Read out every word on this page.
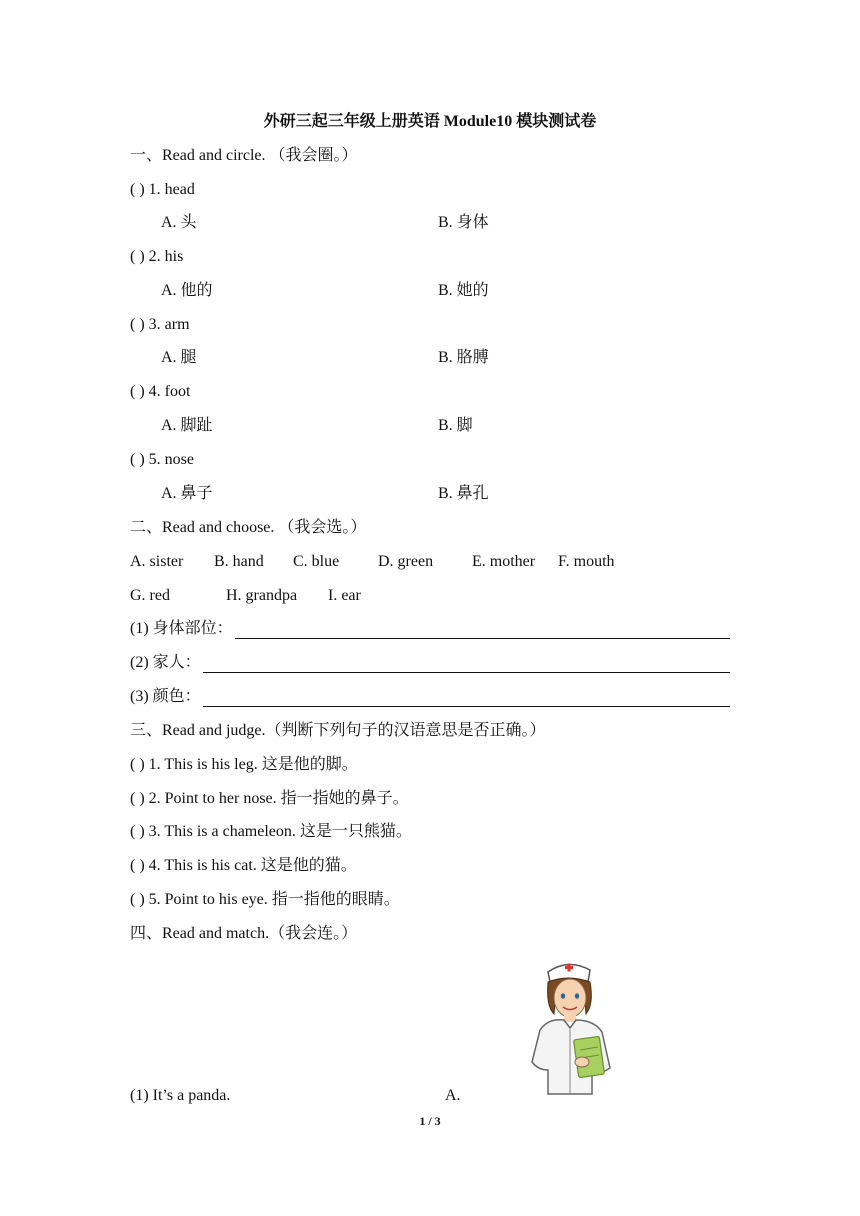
外研三起三年级上册英语 Module10 模块测试卷
一、Read and circle. （我会圈。）
( ) 1. head
A. 头	B. 身体
( ) 2. his
A. 他的	B. 她的
( ) 3. arm
A. 腿	B. 胳膊
( ) 4. foot
A. 脚趾	B. 脚
( ) 5. nose
A. 鼻子	B. 鼻孔
二、Read and choose. （我会选。）
A. sister B. hand C. blue D. green E. mother F. mouth
G. red	H. grandpa I. ear
(1) 身体部位：
(2) 家人：
(3) 颜色：
三、Read and judge.（判断下列句子的汉语意思是否正确。）
( ) 1. This is his leg. 这是他的脚。
( ) 2. Point to her nose. 指一指她的鼻子。
( ) 3. This is a chameleon. 这是一只熊猫。
( ) 4. This is his cat. 这是他的猫。
( ) 5. Point to his eye. 指一指他的眼睛。
四、Read and match.（我会连。）
(1) It’s a panda.	A.
1 / 3
